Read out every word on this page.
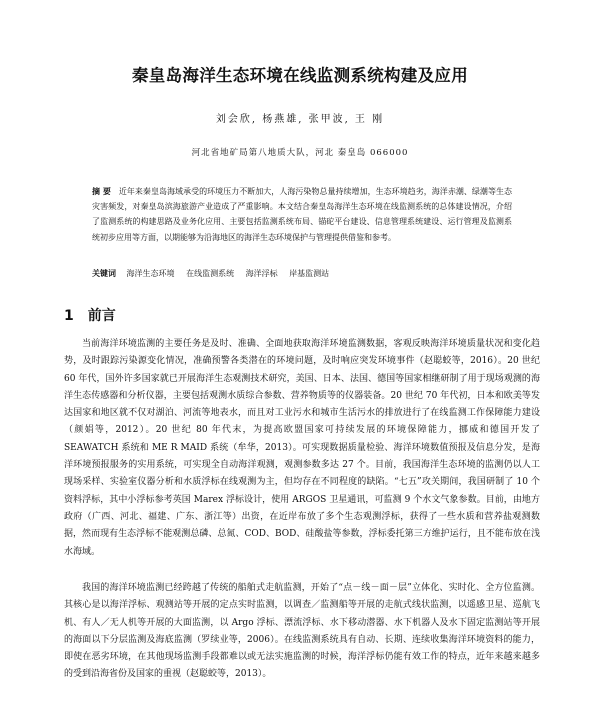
秦皇岛海洋生态环境在线监测系统构建及应用
刘会欣, 杨燕雄, 张甲波, 王 刚
河北省地矿局第八地质大队，河北 秦皇岛 066000
摘 要 近年来秦皇岛海域承受的环境压力不断加大，人海污染物总量持续增加，生态环境趋劣，海洋赤潮、绿潮等生态灾害频发，对秦皇岛滨海旅游产业造成了严重影响。本文结合秦皇岛海洋生态环境在线监测系统的总体建设情况，介绍了监测系统的构建思路及业务化应用、主要包括监测系统布局、锚砣平台建设、信息管理系统建设、运行管理及监测系统初步应用等方面，以期能够为沿海地区的海洋生态环境保护与管理提供借鉴和参考。
关键词 海洋生态环境 在线监测系统 海洋浮标 岸基监测站
1 前言

当前海洋环境监测的主要任务是及时、准确、全面地获取海洋环境监测数据，客观反映海洋环境质量状况和变化趋势，及时跟踪污染源变化情况，准确预警各类潜在的环境问题，及时响应突发环境事件（赵聪蛟等，2016）。20 世纪 60 年代，国外许多国家就已开展海洋生态观测技术研究，美国、日本、法国、德国等国家相继研制了用于现场观测的海洋生态传感器和分析仪器，主要包括观测水质综合参数、营养物质等的仪器装备。20 世纪 70 年代初，日本和欧美等发达国家和地区就不仅对湖泊、河流等地表水，而且对工业污水和城市生活污水的排放进行了在线监测工作保障能力建设（颜娟等，2012）。20 世纪 80 年代末，为提高欧盟国家可持续发展的环境保障能力，挪威和德国开发了 SEAWATCH 系统和 ME R MAID 系统（牟华，2013）。可实现数据质量检验、海洋环境数值预报及信息分发，是海洋环境预报服务的实用系统，可实现全自动海洋观测，观测参数多达 27 个。目前，我国海洋生态环境的监测仍以人工现场采样、实验室仪器分析和水质浮标在线观测为主，但均存在不同程度的缺陷。“七五”攻关期间，我国研制了 10 个资料浮标，其中小浮标参考英国 Marex 浮标设计，使用 ARGOS 卫星通讯，可监测 9 个水文气象参数。目前，由地方政府（广西、河北、福建、广东、浙江等）出资，在近岸布放了多个生态观测浮标，获得了一些水质和营养盐观测数据，然而现有生态浮标不能观测总磷、总氮、COD、BOD、硅酸盐等参数，浮标委托第三方维护运行，且不能布放在浅水海域。

我国的海洋环境监测已经跨越了传统的船舶式走航监测，开始了“点－线－面－层”立体化、实时化、全方位监测。其核心是以海洋浮标、观测站等开展的定点实时监测，以调查／监测船等开展的走航式线状监测，以遥感卫星、巡航飞机、有人／无人机等开展的大面监测，以 Argo 浮标、漂流浮标、水下移动潜器、水下机器人及水下固定监测站等开展的海面以下分层监测及海底监测（罗续业等，2006）。在线监测系统具有自动、长期、连续收集海洋环境资料的能力，即使在恶劣环境，在其他现场监测手段都难以或无法实施监测的时候，海洋浮标仍能有效工作的特点，近年来越来越多的受到沿海省份及国家的重视（赵聪蛟等，2013）。
